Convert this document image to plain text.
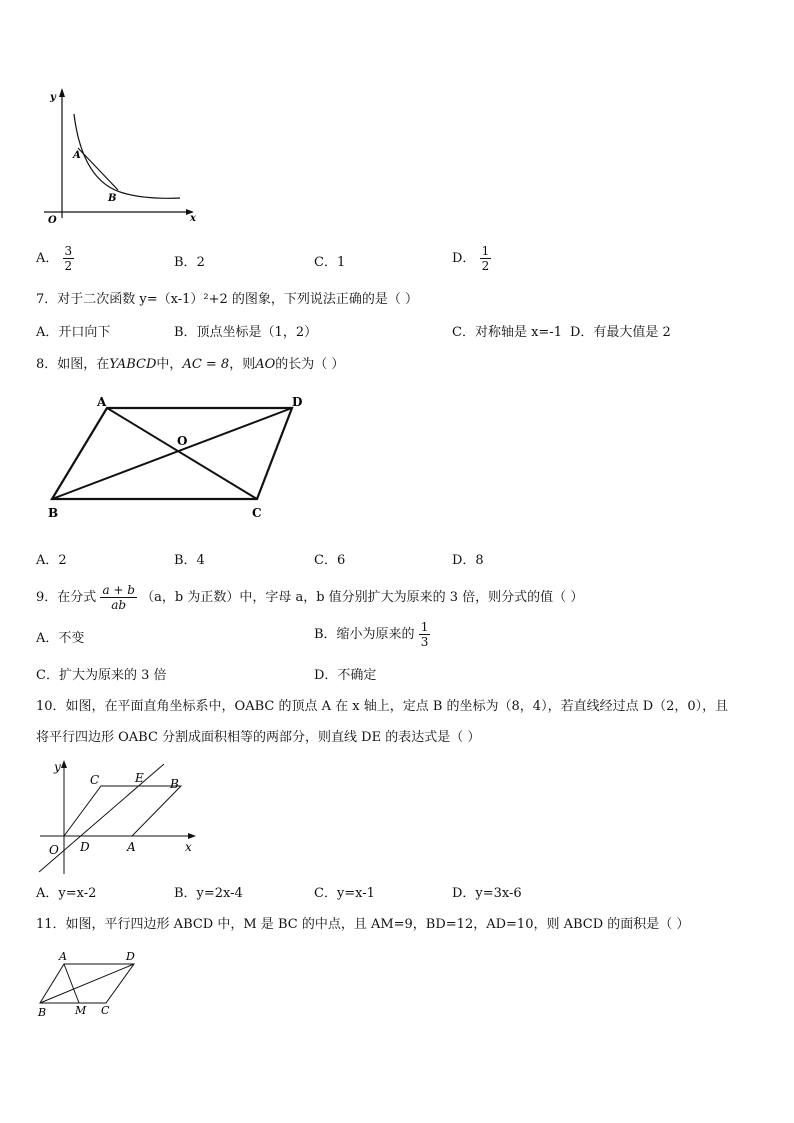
y
x
O
A
B
A． $\frac{3}{2}$	B．2	C．1	D． $\frac{1}{2}$
7．对于二次函数 y=（x-1）²+2 的图象，下列说法正确的是（ ）
A．开口向下	B．顶点坐标是（1，2）	C．对称轴是 x=-1 D．有最大值是 2
8．如图，在YABCD中，AC = 8，则AO的长为（ ）
A	D
O
B	C
A．2	B．4	C．6	D．8
9．在分式 $\frac{a + b}{ab} (a$，b 为正数）中，字母 a，b 值分别扩大为原来的 3 倍，则分式的值（ ）
A．不变	B．缩小为原来的 $\frac{1}{3}$
C．扩大为原来的 3 倍	D．不确定
10．如图，在平面直角坐标系中，OABC 的顶点 A 在 x 轴上，定点 B 的坐标为（8，4），若直线经过点 D（2，0），且
将平行四边形 OABC 分割成面积相等的两部分，则直线 DE 的表达式是（ ）
y
x
O D	A
B
C	E
A．y=x-2	B．y=2x-4	C．y=x-1	D．y=3x-6
11．如图，平行四边形 ABCD 中，M 是 BC 的中点，且 AM=9，BD=12，AD=10，则 ABCD 的面积是（ ）
A	D
B	M C
